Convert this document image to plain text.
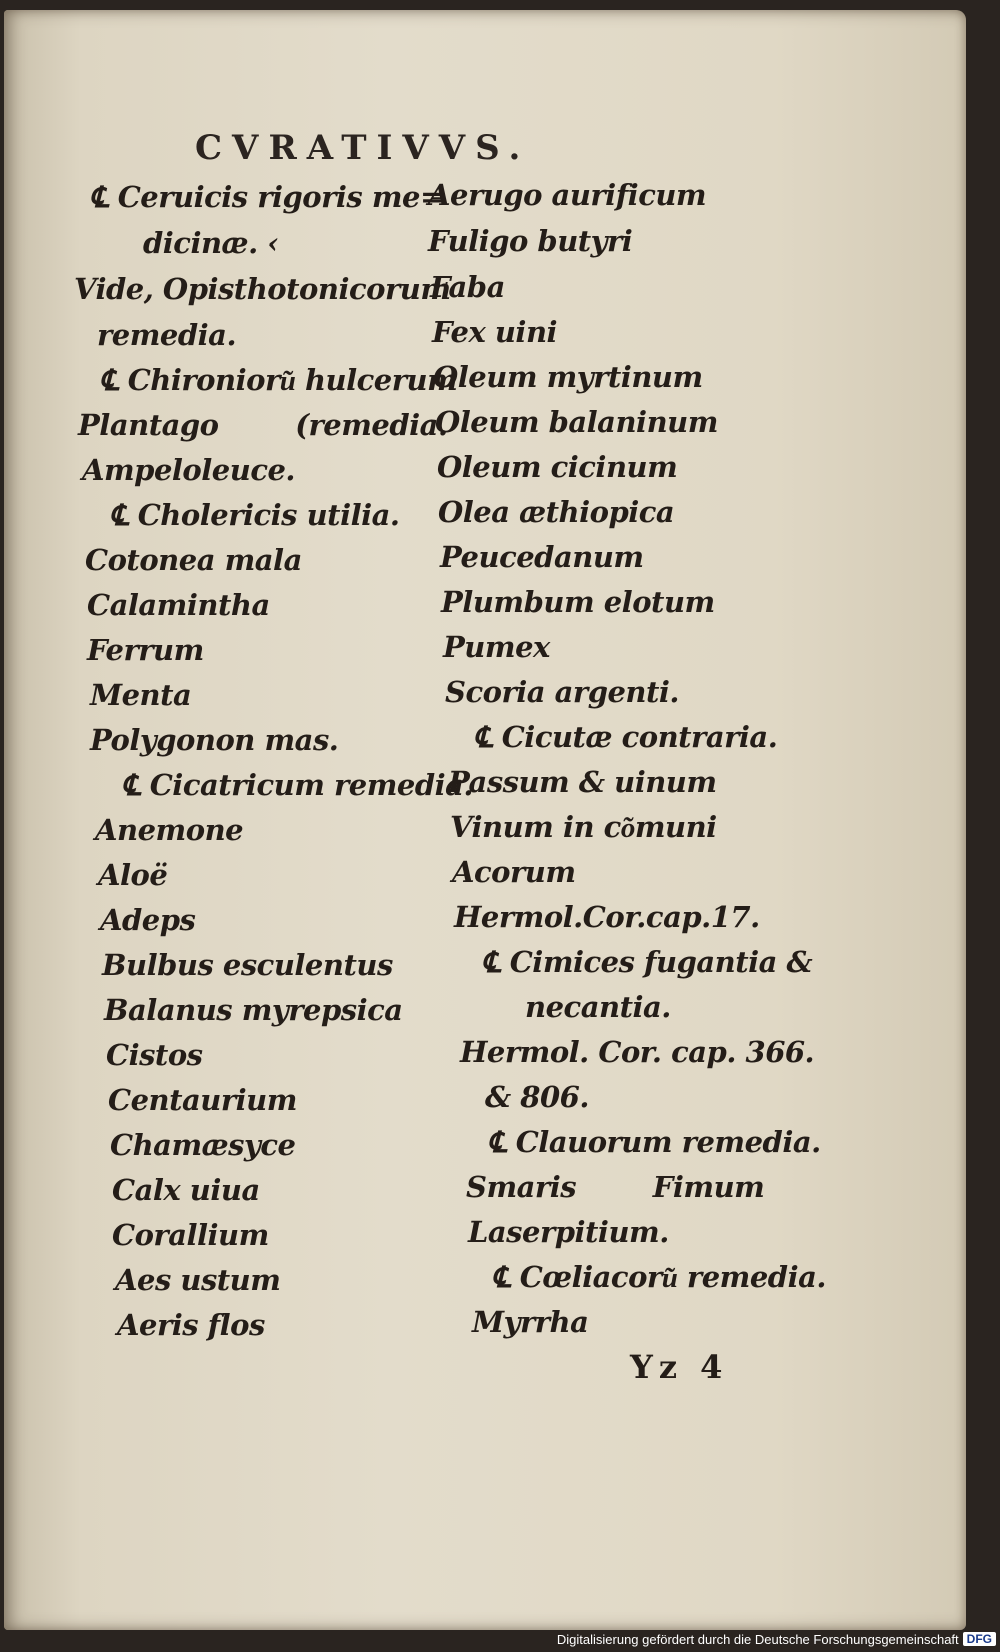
CVRATIVVS.
℄ Ceruicis rigoris me=
dicinæ. ‹
Vide, Opisthotonicorum
remedia.
℄ Chironioru͂ hulcerum
Plantago        (remedia.
Ampeloleuce.
℄ Cholericis utilia.
Cotonea mala
Calamintha
Ferrum
Menta
Polygonon mas.
℄ Cicatricum remedia.
Anemone
Aloë
Adeps
Bulbus esculentus
Balanus myrepsica
Cistos
Centaurium
Chamæsyce
Calx uiua
Corallium
Aes ustum
Aeris flos
Aerugo aurificum
Fuligo butyri
Faba
Fex uini
Oleum myrtinum
Oleum balaninum
Oleum cicinum
Olea æthiopica
Peucedanum
Plumbum elotum
Pumex
Scoria argenti.
℄ Cicutæ contraria.
Passum & uinum
Vinum in co͂muni
Acorum
Hermol.Cor.cap.17.
℄ Cimices fugantia &
necantia.
Hermol. Cor. cap. 366.
& 806.
℄ Clauorum remedia.
Smaris        Fimum
Laserpitium.
℄ Cœliacoru͂ remedia.
Myrrha
Yz 4
Digitalisierung gefördert durch die Deutsche Forschungsgemeinschaft DFG
